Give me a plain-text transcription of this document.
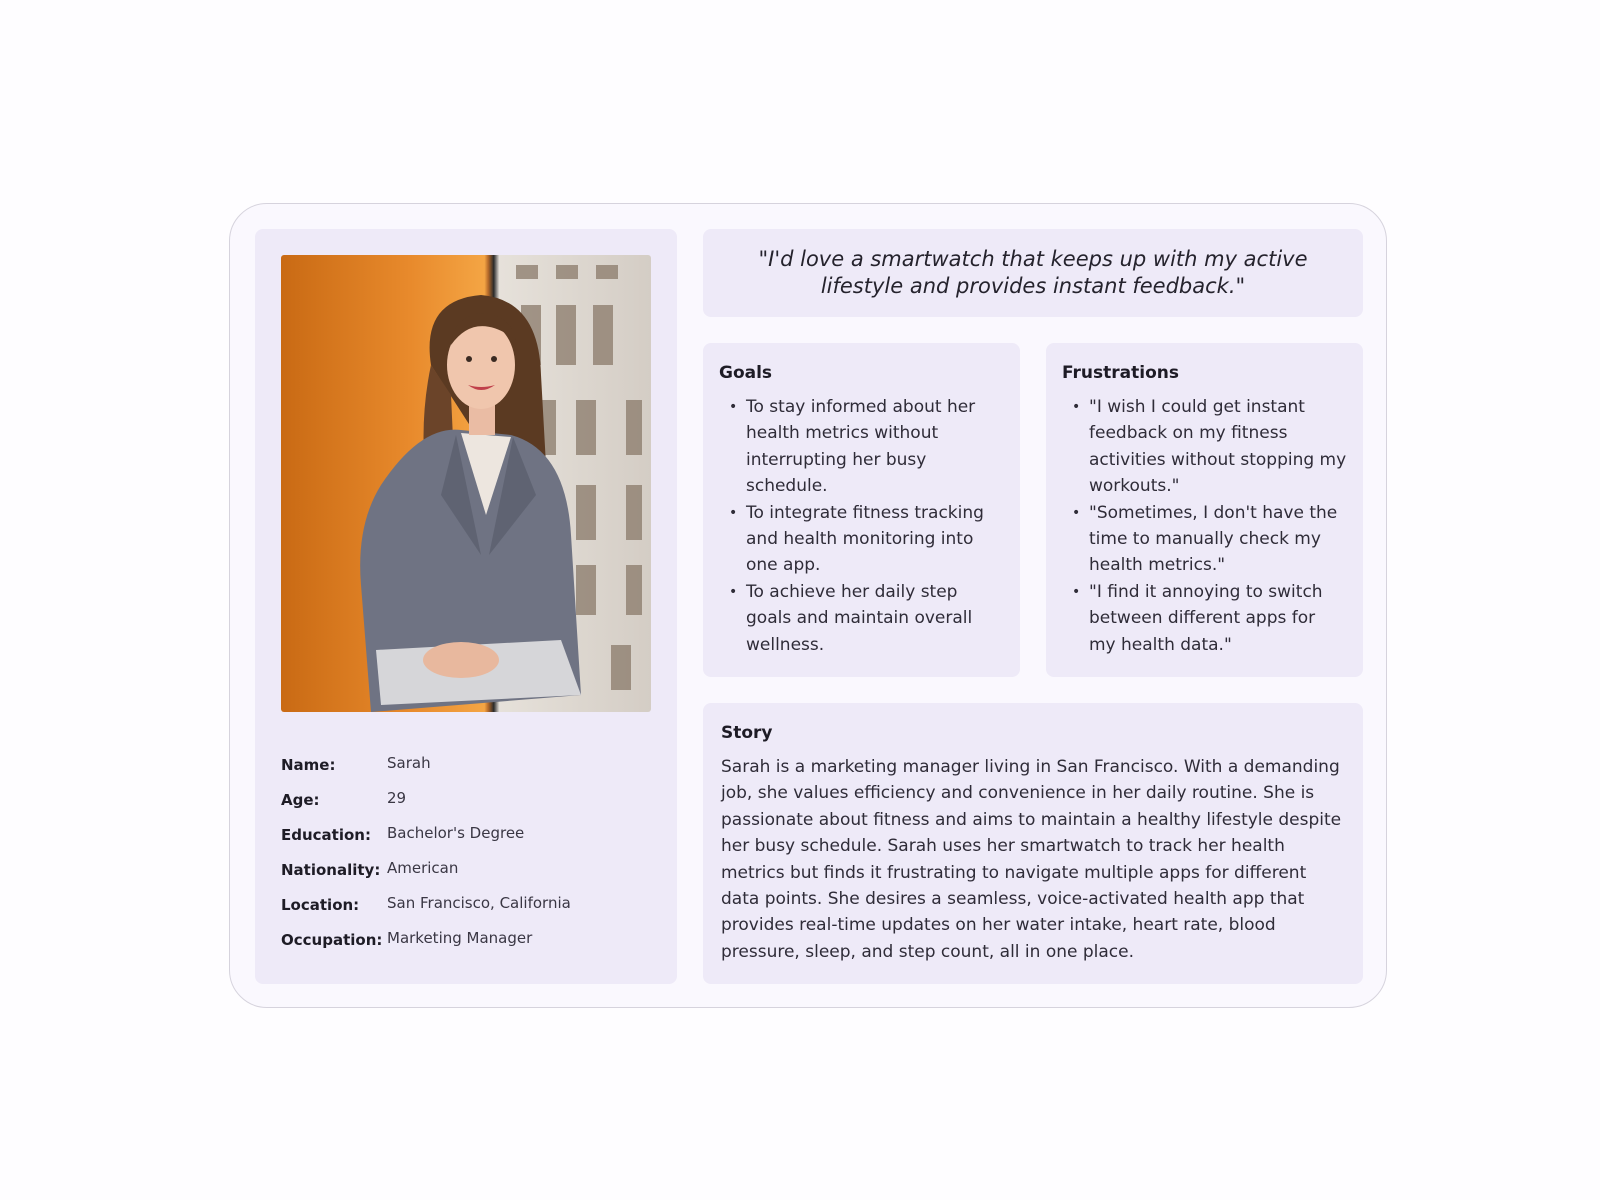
Name:	Sarah
Age:	29
Education:	Bachelor's Degree
Nationality: American
Location:	San Francisco, California
Occupation: Marketing Manager
"I'd love a smartwatch that keeps up with my active lifestyle and provides instant feedback."
Goals
• To stay informed about her health metrics without interrupting her busy schedule.
• To integrate fitness tracking and health monitoring into one app.
• To achieve her daily step goals and maintain overall wellness.
Frustrations
• "I wish I could get instant feedback on my fitness activities without stopping my workouts."
• "Sometimes, I don't have the time to manually check my health metrics."
• "I find it annoying to switch between different apps for my health data."
Story
Sarah is a marketing manager living in San Francisco. With a demanding job, she values efficiency and convenience in her daily routine. She is passionate about fitness and aims to maintain a healthy lifestyle despite her busy schedule. Sarah uses her smartwatch to track her health metrics but finds it frustrating to navigate multiple apps for different data points. She desires a seamless, voice-activated health app that provides real-time updates on her water intake, heart rate, blood pressure, sleep, and step count, all in one place.
